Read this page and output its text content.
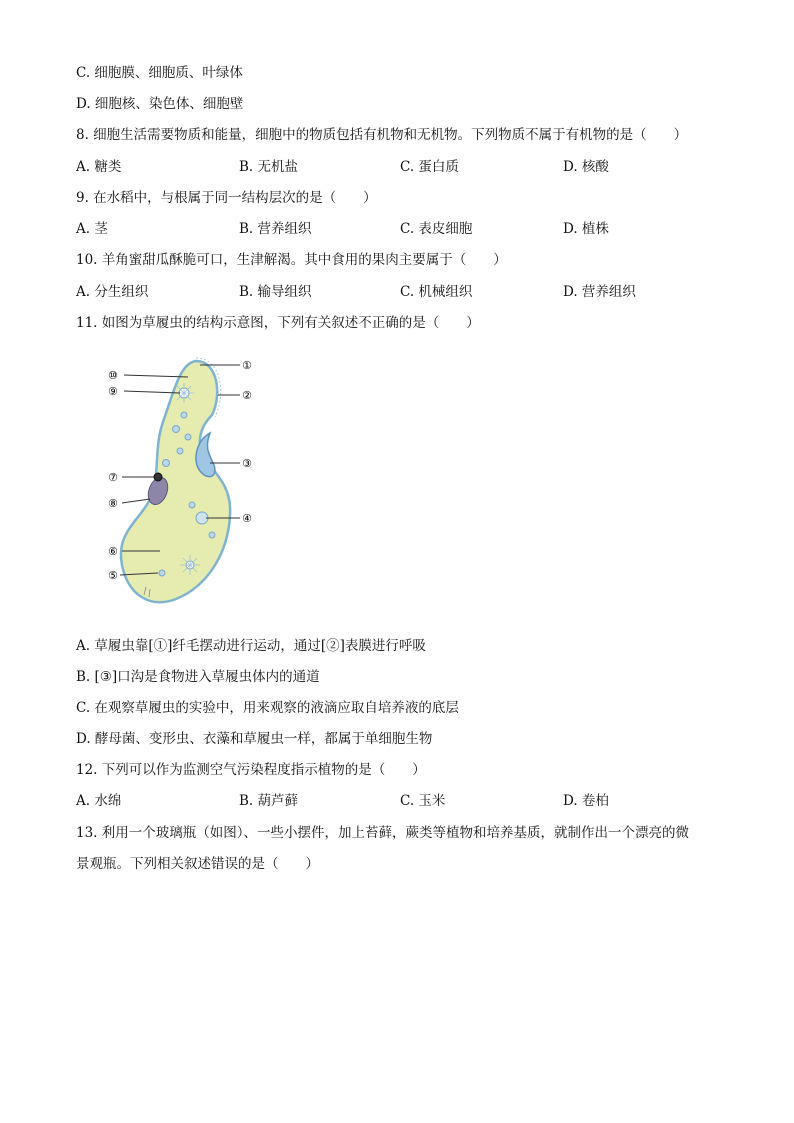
C. 细胞膜、细胞质、叶绿体
D. 细胞核、染色体、细胞壁
8. 细胞生活需要物质和能量，细胞中的物质包括有机物和无机物。下列物质不属于有机物的是（　　）
A. 糖类	B. 无机盐	C. 蛋白质	D. 核酸
9. 在水稻中，与根属于同一结构层次的是（　　）
A. 茎	B. 营养组织	C. 表皮细胞	D. 植株
10. 羊角蜜甜瓜酥脆可口，生津解渴。其中食用的果肉主要属于（　　）
A. 分生组织	B. 输导组织	C. 机械组织	D. 营养组织
11. 如图为草履虫的结构示意图，下列有关叙述不正确的是（　　）
①
②
③
④
⑤
⑥
⑦
⑧
⑨
⑩
A. 草履虫靠[①]纤毛摆动进行运动，通过[②]表膜进行呼吸
B. [③]口沟是食物进入草履虫体内的通道
C. 在观察草履虫的实验中，用来观察的液滴应取自培养液的底层
D. 酵母菌、变形虫、衣藻和草履虫一样，都属于单细胞生物
12. 下列可以作为监测空气污染程度指示植物的是（　　）
A. 水绵	B. 葫芦藓	C. 玉米	D. 卷柏
13. 利用一个玻璃瓶（如图）、一些小摆件，加上苔藓，蕨类等植物和培养基质，就制作出一个漂亮的微
景观瓶。下列相关叙述错误的是（　　）
